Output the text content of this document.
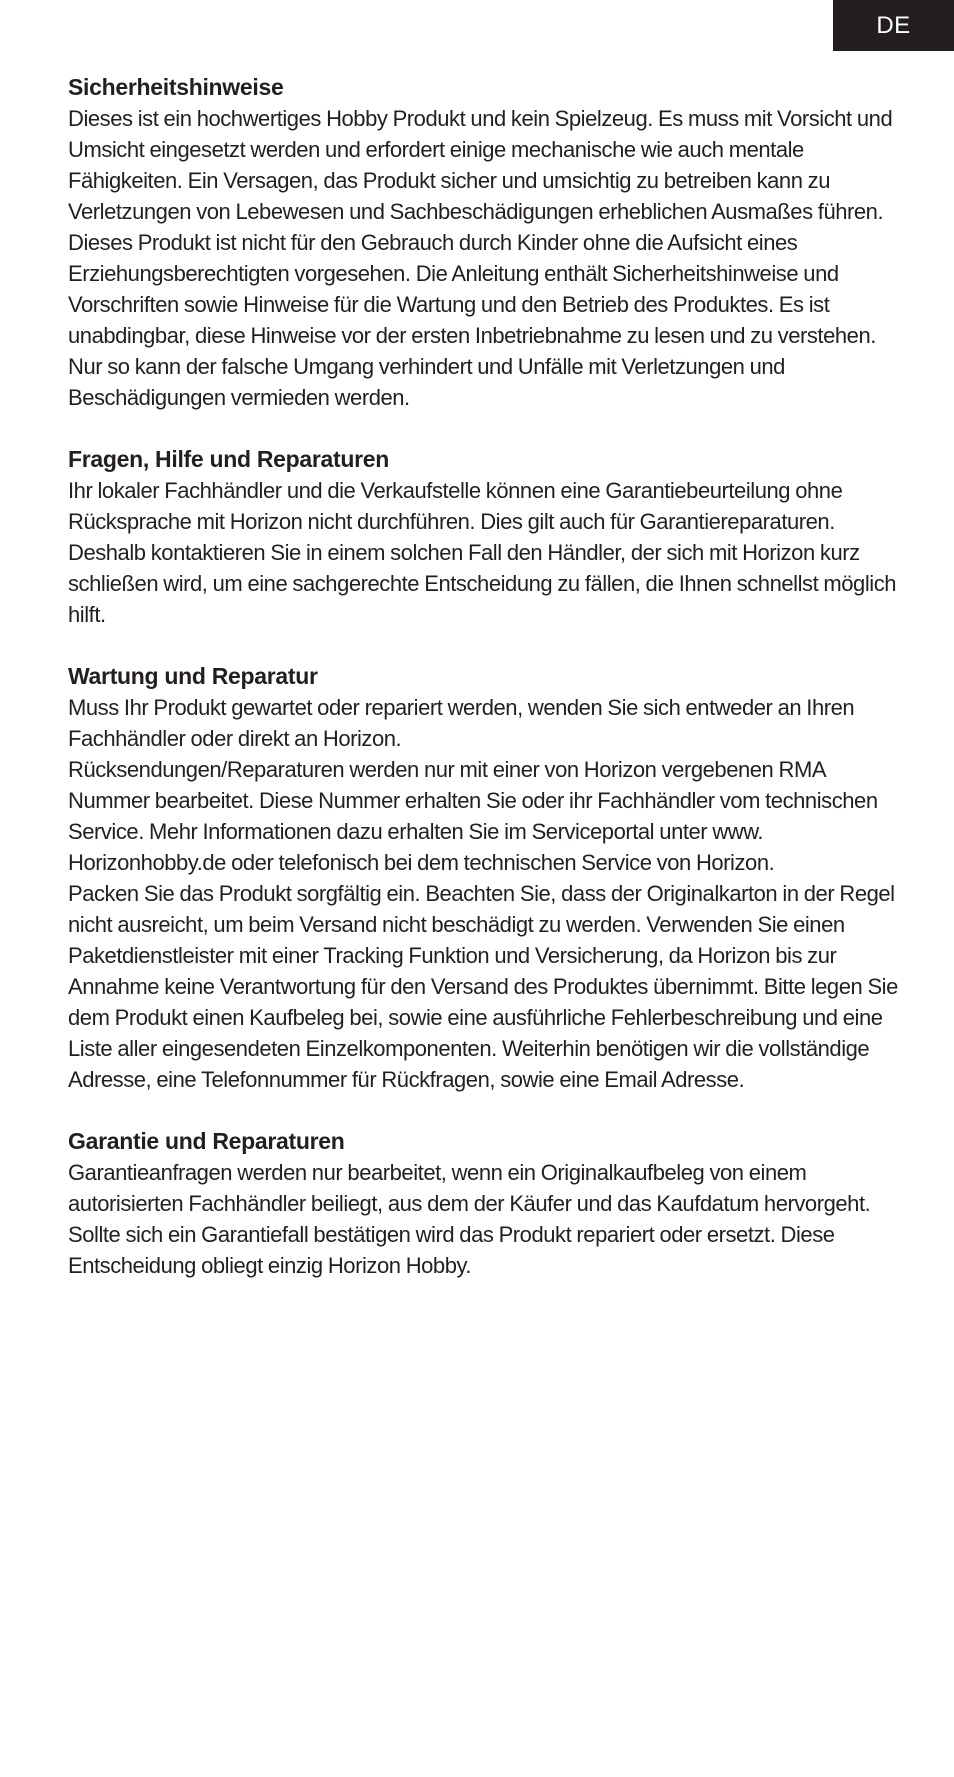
DE
Sicherheitshinweise

Dieses ist ein hochwertiges Hobby Produkt und kein Spielzeug. Es muss mit Vorsicht und Umsicht eingesetzt werden und erfordert einige mechanische wie auch mentale Fähigkeiten. Ein Versagen, das Produkt sicher und umsichtig zu betreiben kann zu Verletzungen von Lebewesen und Sachbeschädigungen erheblichen Ausmaßes führen. Dieses Produkt ist nicht für den Gebrauch durch Kinder ohne die Aufsicht eines Erziehungsberechtigten vorgesehen. Die Anleitung enthält Sicherheitshinweise und Vorschriften sowie Hinweise für die Wartung und den Betrieb des Produktes. Es ist unabdingbar, diese Hinweise vor der ersten Inbetriebnahme zu lesen und zu verstehen. Nur so kann der falsche Umgang verhindert und Unfälle mit Verletzungen und Beschädigungen vermieden werden.

Fragen, Hilfe und Reparaturen

Ihr lokaler Fachhändler und die Verkaufstelle können eine Garantiebeurteilung ohne Rücksprache mit Horizon nicht durchführen. Dies gilt auch für Garantiereparaturen. Deshalb kontaktieren Sie in einem solchen Fall den Händler, der sich mit Horizon kurz schließen wird, um eine sachgerechte Entscheidung zu fällen, die Ihnen schnellst möglich hilft.

Wartung und Reparatur

Muss Ihr Produkt gewartet oder repariert werden, wenden Sie sich entweder an Ihren Fachhändler oder direkt an Horizon.

Rücksendungen/Reparaturen werden nur mit einer von Horizon vergebenen RMA Nummer bearbeitet. Diese Nummer erhalten Sie oder ihr Fachhändler vom technischen Service. Mehr Informationen dazu erhalten Sie im Serviceportal unter www. Horizonhobby.de oder telefonisch bei dem technischen Service von Horizon.

Packen Sie das Produkt sorgfältig ein. Beachten Sie, dass der Originalkarton in der Regel nicht ausreicht, um beim Versand nicht beschädigt zu werden. Verwenden Sie einen Paketdienstleister mit einer Tracking Funktion und Versicherung, da Horizon bis zur Annahme keine Verantwortung für den Versand des Produktes übernimmt. Bitte legen Sie dem Produkt einen Kaufbeleg bei, sowie eine ausführliche Fehlerbeschreibung und eine Liste aller eingesendeten Einzelkomponenten. Weiterhin benötigen wir die vollständige Adresse, eine Telefonnummer für Rückfragen, sowie eine Email Adresse.

Garantie und Reparaturen

Garantieanfragen werden nur bearbeitet, wenn ein Originalkaufbeleg von einem autorisierten Fachhändler beiliegt, aus dem der Käufer und das Kaufdatum hervorgeht. Sollte sich ein Garantiefall bestätigen wird das Produkt repariert oder ersetzt. Diese Entscheidung obliegt einzig Horizon Hobby.
